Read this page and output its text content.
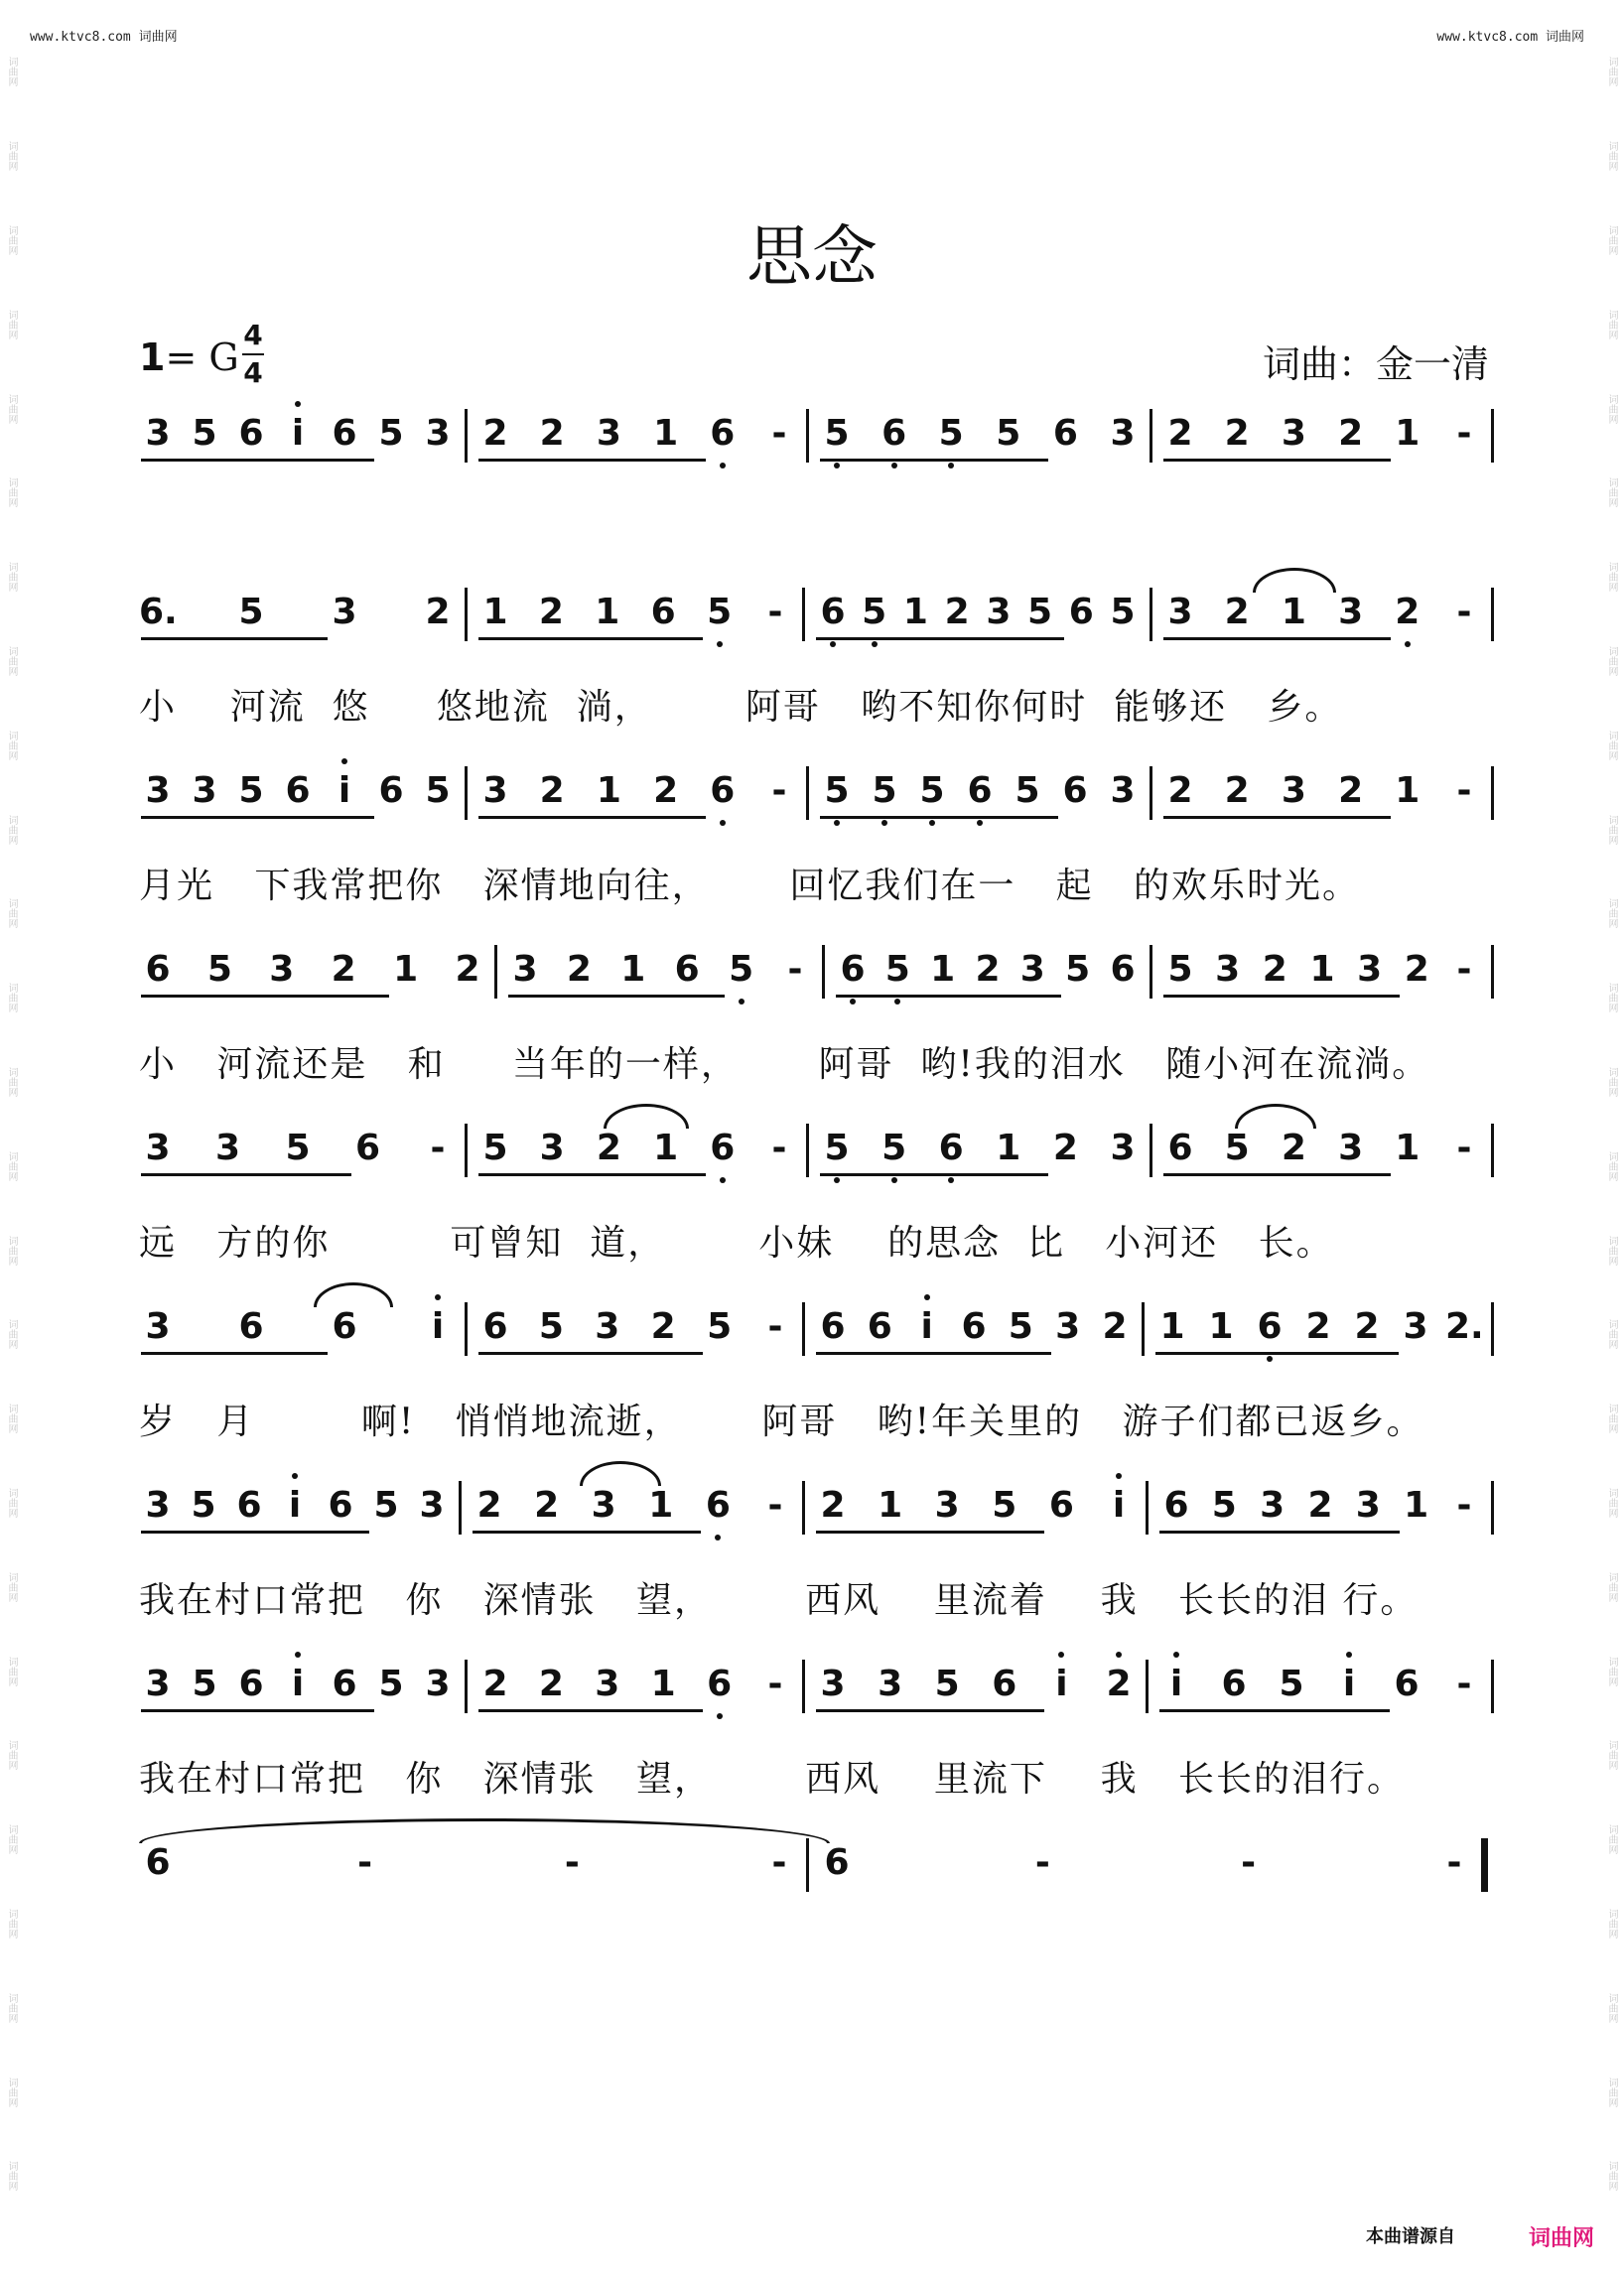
www.ktvc8.com 词曲网	www.ktvc8.com 词曲网
词曲网
词曲网
词曲网
词曲网
词曲网
词曲网
词曲网
词曲网
词曲网
词曲网
词曲网
词曲网
词曲网
词曲网
词曲网
词曲网
词曲网
词曲网
词曲网
词曲网
词曲网
词曲网
词曲网
词曲网
词曲网
词曲网
词曲网
词曲网
词曲网
词曲网
词曲网
词曲网
词曲网
词曲网
词曲网
词曲网
词曲网
词曲网
词曲网
词曲网
词曲网
词曲网
词曲网
词曲网
词曲网
词曲网
词曲网
词曲网
词曲网
词曲网
词曲网
词曲网
思念
1= G
4
4	词曲：金一清
3 5 6 i 6 5 3 2 2 3 1 6	-	5 6 5 5 6 3 2 2 3 2 1	-
6. 5 3 2 1 2 1 6 5	-	6 5 1 2 3 5 6 5 3 2 1 3 2	-
小    河流  悠     悠地流  淌，       阿哥   哟不知你何时  能够还   乡。
3 3 5 6 i 6 5 3 2 1 2 6	-	5 5 5 6 5 6 3 2 2 3 2 1	-
月光   下我常把你   深情地向往，      回忆我们在一   起   的欢乐时光。
6 5 3 2 1 2 3 2 1 6 5 -	6 5 1 2 3 5 6 5 3 2 1 3 2 -
小   河流还是   和     当年的一样，      阿哥  哟!我的泪水   随小河在流淌。
3 3 5 6	-	5 3 2 1 6	-	5 5 6 1 2 3 6 5 2 3 1	-
远   方的你         可曾知  道，       小妹    的思念  比   小河还   长。
3 6 6	i	6 5 3 2 5	-	6 6 i 6 5 3 2 1 1 6 2 2 3 2.
岁   月        啊!   悄悄地流逝，      阿哥   哟!年关里的   游子们都已返乡。
3 5 6 i 6 5 3 2 2 3 1 6	-	2 1 3 5 6	i	6 5 3 2 3 1 -
我在村口常把   你   深情张   望，       西风    里流着    我   长长的泪 行。
3 5 6 i 6 5 3 2 2 3 1 6	-	3 3 5 6	i	2	i	6 5	i	6	-
我在村口常把   你   深情张   望，       西风    里流下    我   长长的泪行。
6	-	-	-	6	-	-	-
本曲谱源自	词曲网
